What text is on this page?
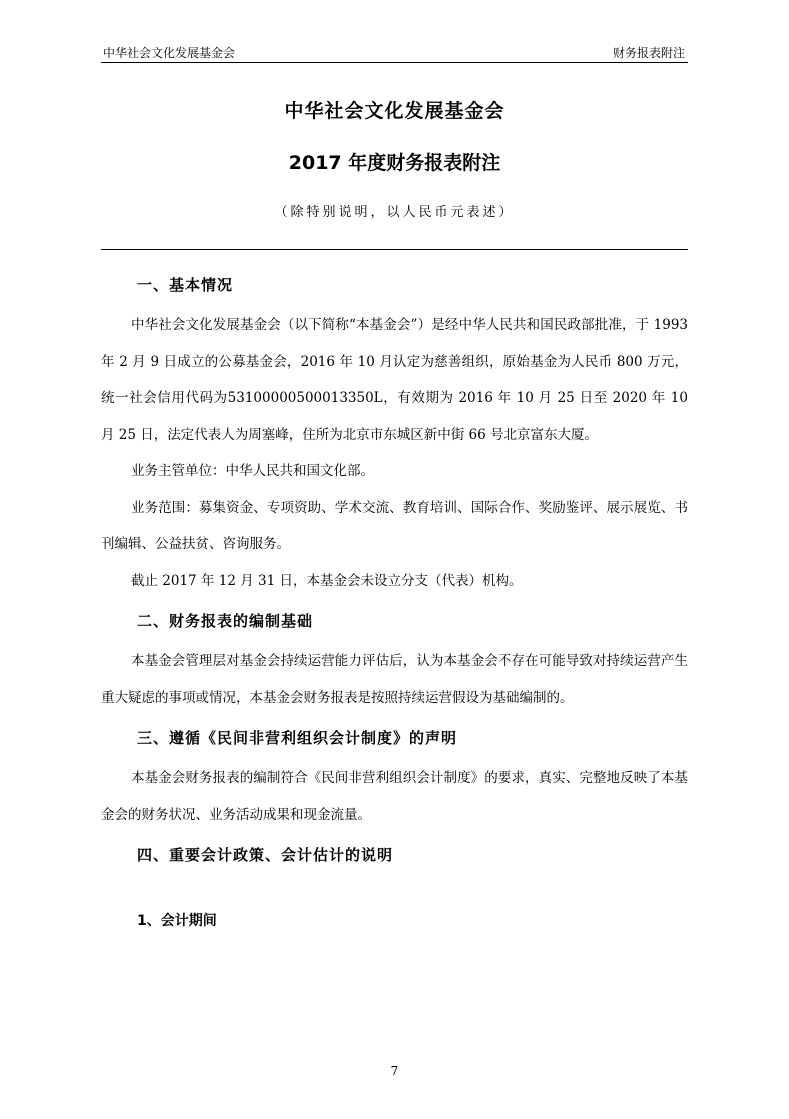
中华社会文化发展基金会	财务报表附注
中华社会文化发展基金会
2017 年度财务报表附注
（除特别说明，以人民币元表述）
一、基本情况

中华社会文化发展基金会（以下简称“本基金会”）是经中华人民共和国民政部批准，于 1993 年 2 月 9 日成立的公募基金会，2016 年 10 月认定为慈善组织，原始基金为人民币 800 万元，统一社会信用代码为53100000500013350L，有效期为 2016 年 10 月 25 日至 2020 年 10 月 25 日，法定代表人为周塞峰，住所为北京市东城区新中街 66 号北京富东大厦。

业务主管单位：中华人民共和国文化部。

业务范围：募集资金、专项资助、学术交流、教育培训、国际合作、奖励鉴评、展示展览、书刊编辑、公益扶贫、咨询服务。

截止 2017 年 12 月 31 日，本基金会未设立分支（代表）机构。

二、财务报表的编制基础

本基金会管理层对基金会持续运营能力评估后，认为本基金会不存在可能导致对持续运营产生重大疑虑的事项或情况，本基金会财务报表是按照持续运营假设为基础编制的。

三、遵循《民间非营利组织会计制度》的声明

本基金会财务报表的编制符合《民间非营利组织会计制度》的要求，真实、完整地反映了本基金会的财务状况、业务活动成果和现金流量。

四、重要会计政策、会计估计的说明
1、会计期间
7
